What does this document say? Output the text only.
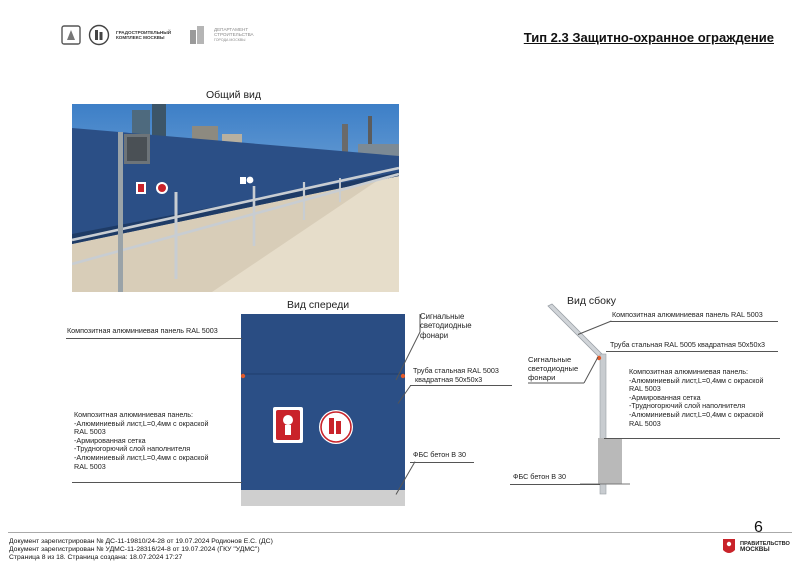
ГРАДОСТРОИТЕЛЬНЫЙ
КОМПЛЕКС МОСКВЫ
ДЕПАРТАМЕНТ
СТРОИТЕЛЬСТВА
ГОРОДА МОСКВЫ	Тип 2.3 Защитно-охранное ограждение
Общий вид
Вид спереди
Композитная алюминиевая панель RAL 5003
Композитная алюминиевая панель:
-Алюминиевый лист,L=0,4мм с окраской
RAL 5003
-Армированная сетка
-Трудногорючий слой наполнителя
-Алюминиевый лист,L=0,4мм с окраской
RAL 5003
Сигнальные
светодиодные
фонари
Труба стальная RAL 5003
квадратная 50х50х3
ФБС бетон В 30
Вид сбоку
Композитная алюминиевая панель RAL 5003
Труба стальная RAL 5005 квадратная 50х50х3
Сигнальные
светодиодные
фонари
Композитная алюминиевая панель:
-Алюминиевый лист,L=0,4мм с окраской
RAL 5003
-Армированная сетка
-Трудногорючий слой наполнителя
-Алюминиевый лист,L=0,4мм с окраской
RAL 5003
ФБС бетон В 30
Документ зарегистрирован № ДС-11-19810/24-28 от 19.07.2024 Родионов Е.С. (ДС)
Документ зарегистрирован № УДМС-11-28316/24-8 от 19.07.2024 (ГКУ "УДМС")
Страница 8 из 18. Страница создана: 18.07.2024 17:27
6
ПРАВИТЕЛЬСТВО
МОСКВЫ
